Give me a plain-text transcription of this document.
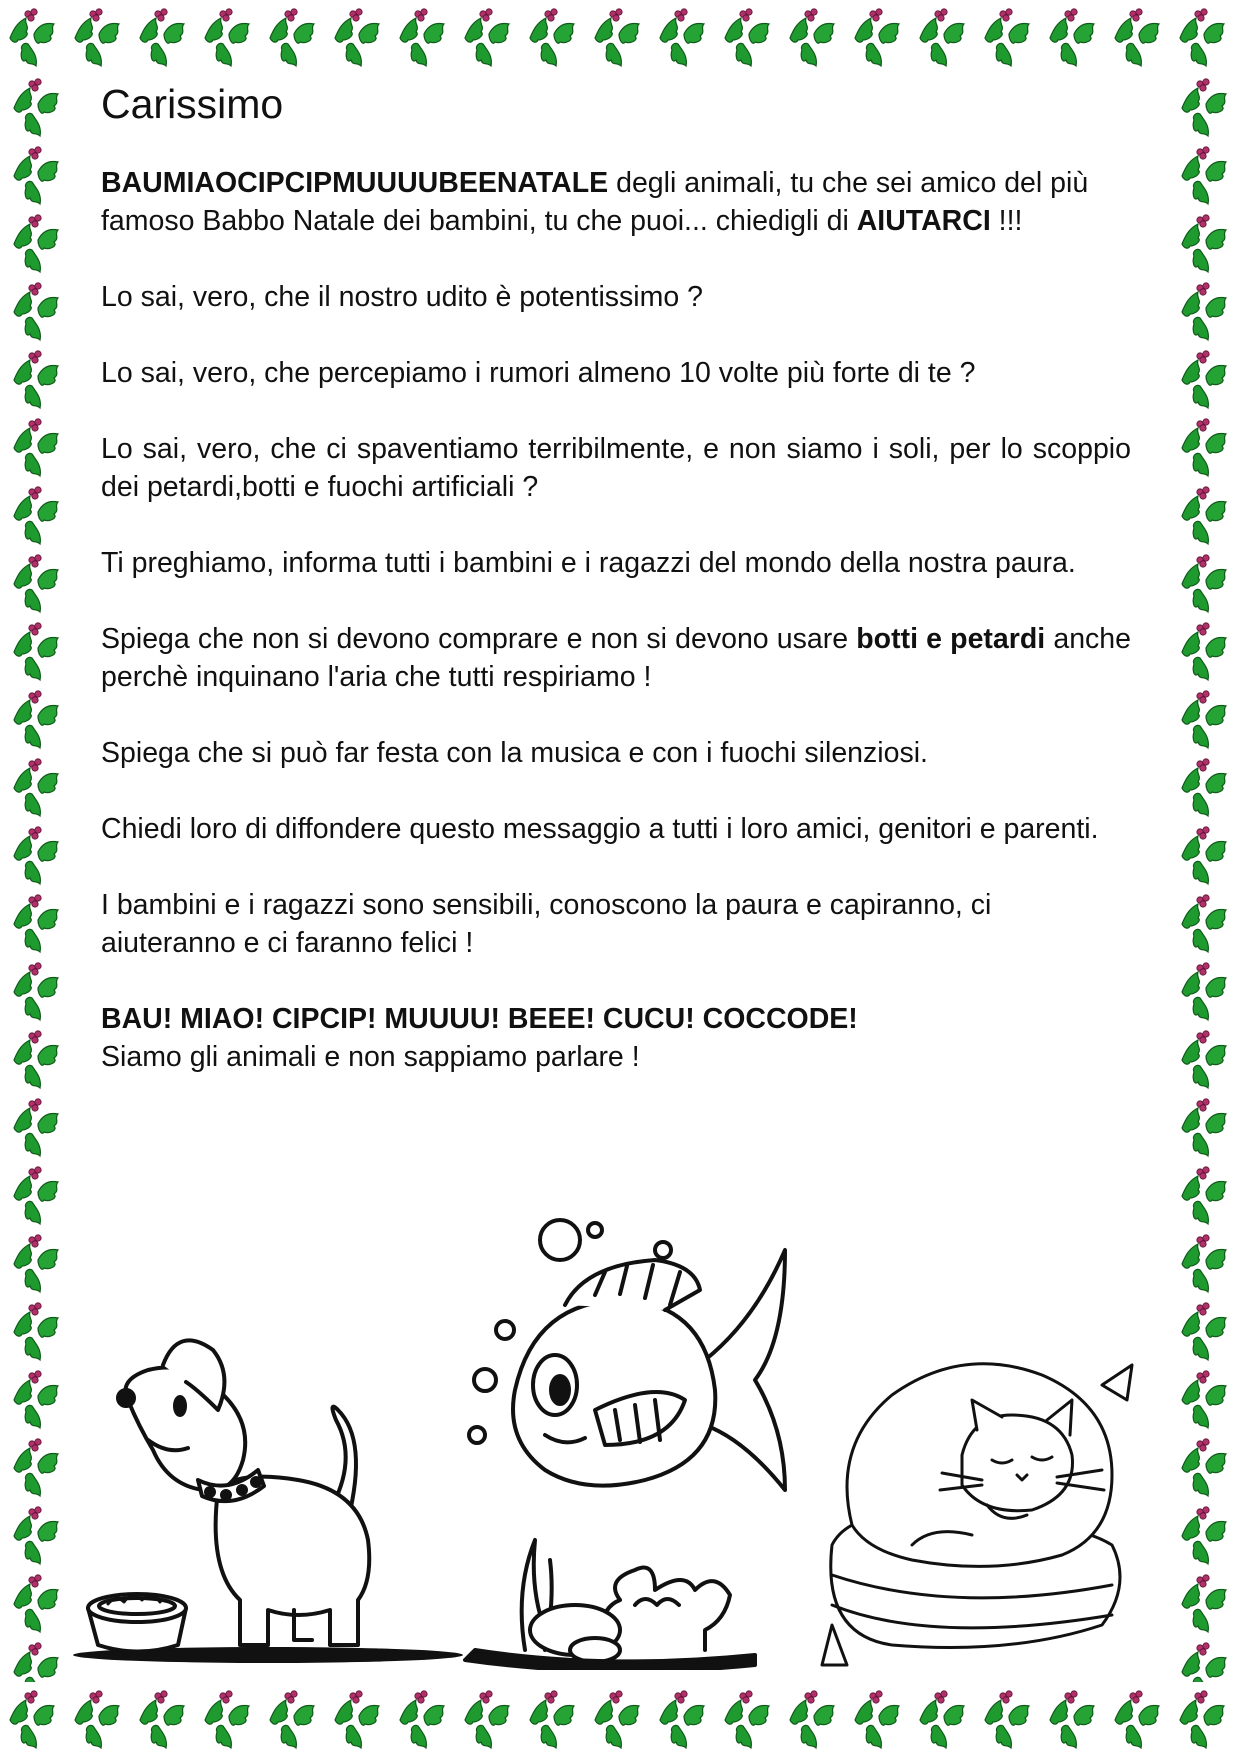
Carissimo

BAUMIAOCIPCIPMUUUUBEENATALE degli animali, tu che sei amico del più famoso Babbo Natale dei bambini, tu che puoi... chiedigli di AIUTARCI !!!

Lo sai, vero, che il nostro udito è potentissimo ?

Lo sai, vero, che percepiamo i rumori almeno 10 volte più forte di te ?

Lo sai, vero, che ci spaventiamo terribilmente, e non siamo i soli, per lo scoppio dei petardi,botti e fuochi artificiali ?

Ti preghiamo, informa tutti i bambini e i ragazzi del mondo della nostra paura.

Spiega che non si devono comprare e non si devono usare botti e petardi anche perchè inquinano l'aria che tutti respiriamo !

Spiega che si può far festa con la musica e con i fuochi silenziosi.

Chiedi loro di diffondere questo messaggio a tutti i loro amici, genitori e parenti.

I bambini e i ragazzi sono sensibili, conoscono la paura e capiranno, ci aiuteranno e ci faranno felici !

BAU! MIAO! CIPCIP! MUUUU! BEEE! CUCU! COCCODE!
Siamo gli animali e non sappiamo parlare !
